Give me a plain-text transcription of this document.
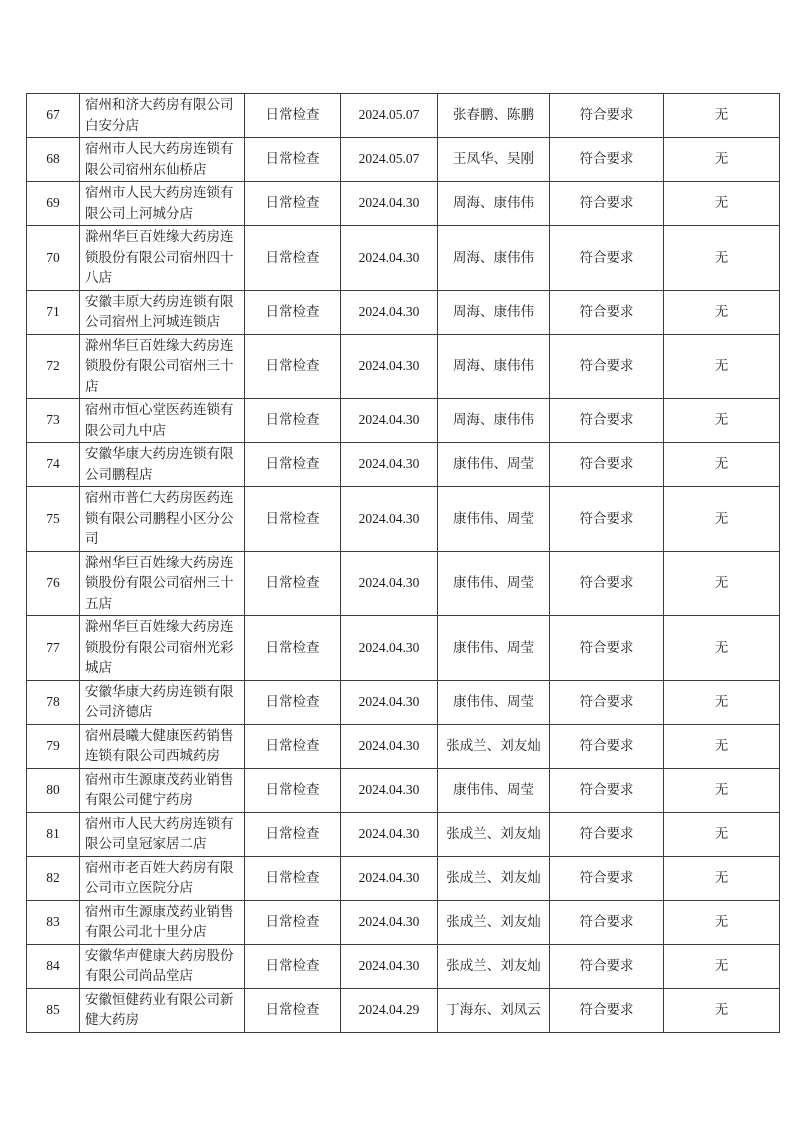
67	宿州和济大药房有限公司白安分店	日常检查	2024.05.07	张春鹏、陈鹏	符合要求	无
68	宿州市人民大药房连锁有限公司宿州东仙桥店	日常检查	2024.05.07	王凤华、吴刚	符合要求	无
69	宿州市人民大药房连锁有限公司上河城分店	日常检查	2024.04.30	周海、康伟伟	符合要求	无
70	滁州华巨百姓缘大药房连锁股份有限公司宿州四十八店	日常检查	2024.04.30	周海、康伟伟	符合要求	无
71	安徽丰原大药房连锁有限公司宿州上河城连锁店	日常检查	2024.04.30	周海、康伟伟	符合要求	无
72	滁州华巨百姓缘大药房连锁股份有限公司宿州三十店	日常检查	2024.04.30	周海、康伟伟	符合要求	无
73	宿州市恒心堂医药连锁有限公司九中店	日常检查	2024.04.30	周海、康伟伟	符合要求	无
74	安徽华康大药房连锁有限公司鹏程店	日常检查	2024.04.30	康伟伟、周莹	符合要求	无
75	宿州市普仁大药房医药连锁有限公司鹏程小区分公司	日常检查	2024.04.30	康伟伟、周莹	符合要求	无
76	滁州华巨百姓缘大药房连锁股份有限公司宿州三十五店	日常检查	2024.04.30	康伟伟、周莹	符合要求	无
77	滁州华巨百姓缘大药房连锁股份有限公司宿州光彩城店	日常检查	2024.04.30	康伟伟、周莹	符合要求	无
78	安徽华康大药房连锁有限公司济德店	日常检查	2024.04.30	康伟伟、周莹	符合要求	无
79	宿州晨曦大健康医药销售连锁有限公司西城药房	日常检查	2024.04.30	张成兰、刘友灿	符合要求	无
80	宿州市生源康茂药业销售有限公司健宁药房	日常检查	2024.04.30	康伟伟、周莹	符合要求	无
81	宿州市人民大药房连锁有限公司皇冠家居二店	日常检查	2024.04.30	张成兰、刘友灿	符合要求	无
82	宿州市老百姓大药房有限公司市立医院分店	日常检查	2024.04.30	张成兰、刘友灿	符合要求	无
83	宿州市生源康茂药业销售有限公司北十里分店	日常检查	2024.04.30	张成兰、刘友灿	符合要求	无
84	安徽华声健康大药房股份有限公司尚品堂店	日常检查	2024.04.30	张成兰、刘友灿	符合要求	无
85	安徽恒健药业有限公司新健大药房	日常检查	2024.04.29	丁海东、刘凤云	符合要求	无
